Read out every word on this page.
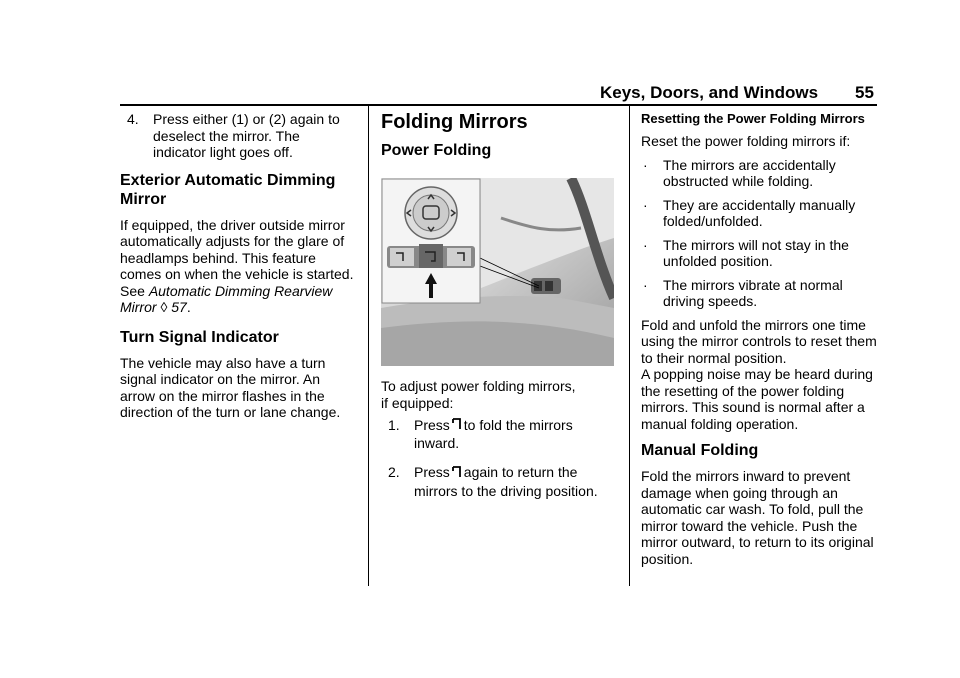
Keys, Doors, and Windows 55
4. Press either (1) or (2) again to deselect the mirror. The indicator light goes off.

Exterior Automatic Dimming Mirror

If equipped, the driver outside mirror automatically adjusts for the glare of headlamps behind. This feature comes on when the vehicle is started. See Automatic Dimming Rearview Mirror ◊ 57.

Turn Signal Indicator

The vehicle may also have a turn signal indicator on the mirror. An arrow on the mirror flashes in the direction of the turn or lane change.

Folding Mirrors
Power Folding

To adjust power folding mirrors,

if equipped:

1. Press to fold the mirrors inward.

2. Press again to return the mirrors to the driving position.

Resetting the Power Folding Mirrors

Reset the power folding mirrors if:

· The mirrors are accidentally obstructed while folding.

· They are accidentally manually folded/unfolded.

· The mirrors will not stay in the unfolded position.

· The mirrors vibrate at normal driving speeds.

Fold and unfold the mirrors one time using the mirror controls to reset them to their normal position.

A popping noise may be heard during the resetting of the power folding mirrors. This sound is normal after a manual folding operation.

Manual Folding

Fold the mirrors inward to prevent damage when going through an automatic car wash. To fold, pull the mirror toward the vehicle. Push the mirror outward, to return to its original position.
